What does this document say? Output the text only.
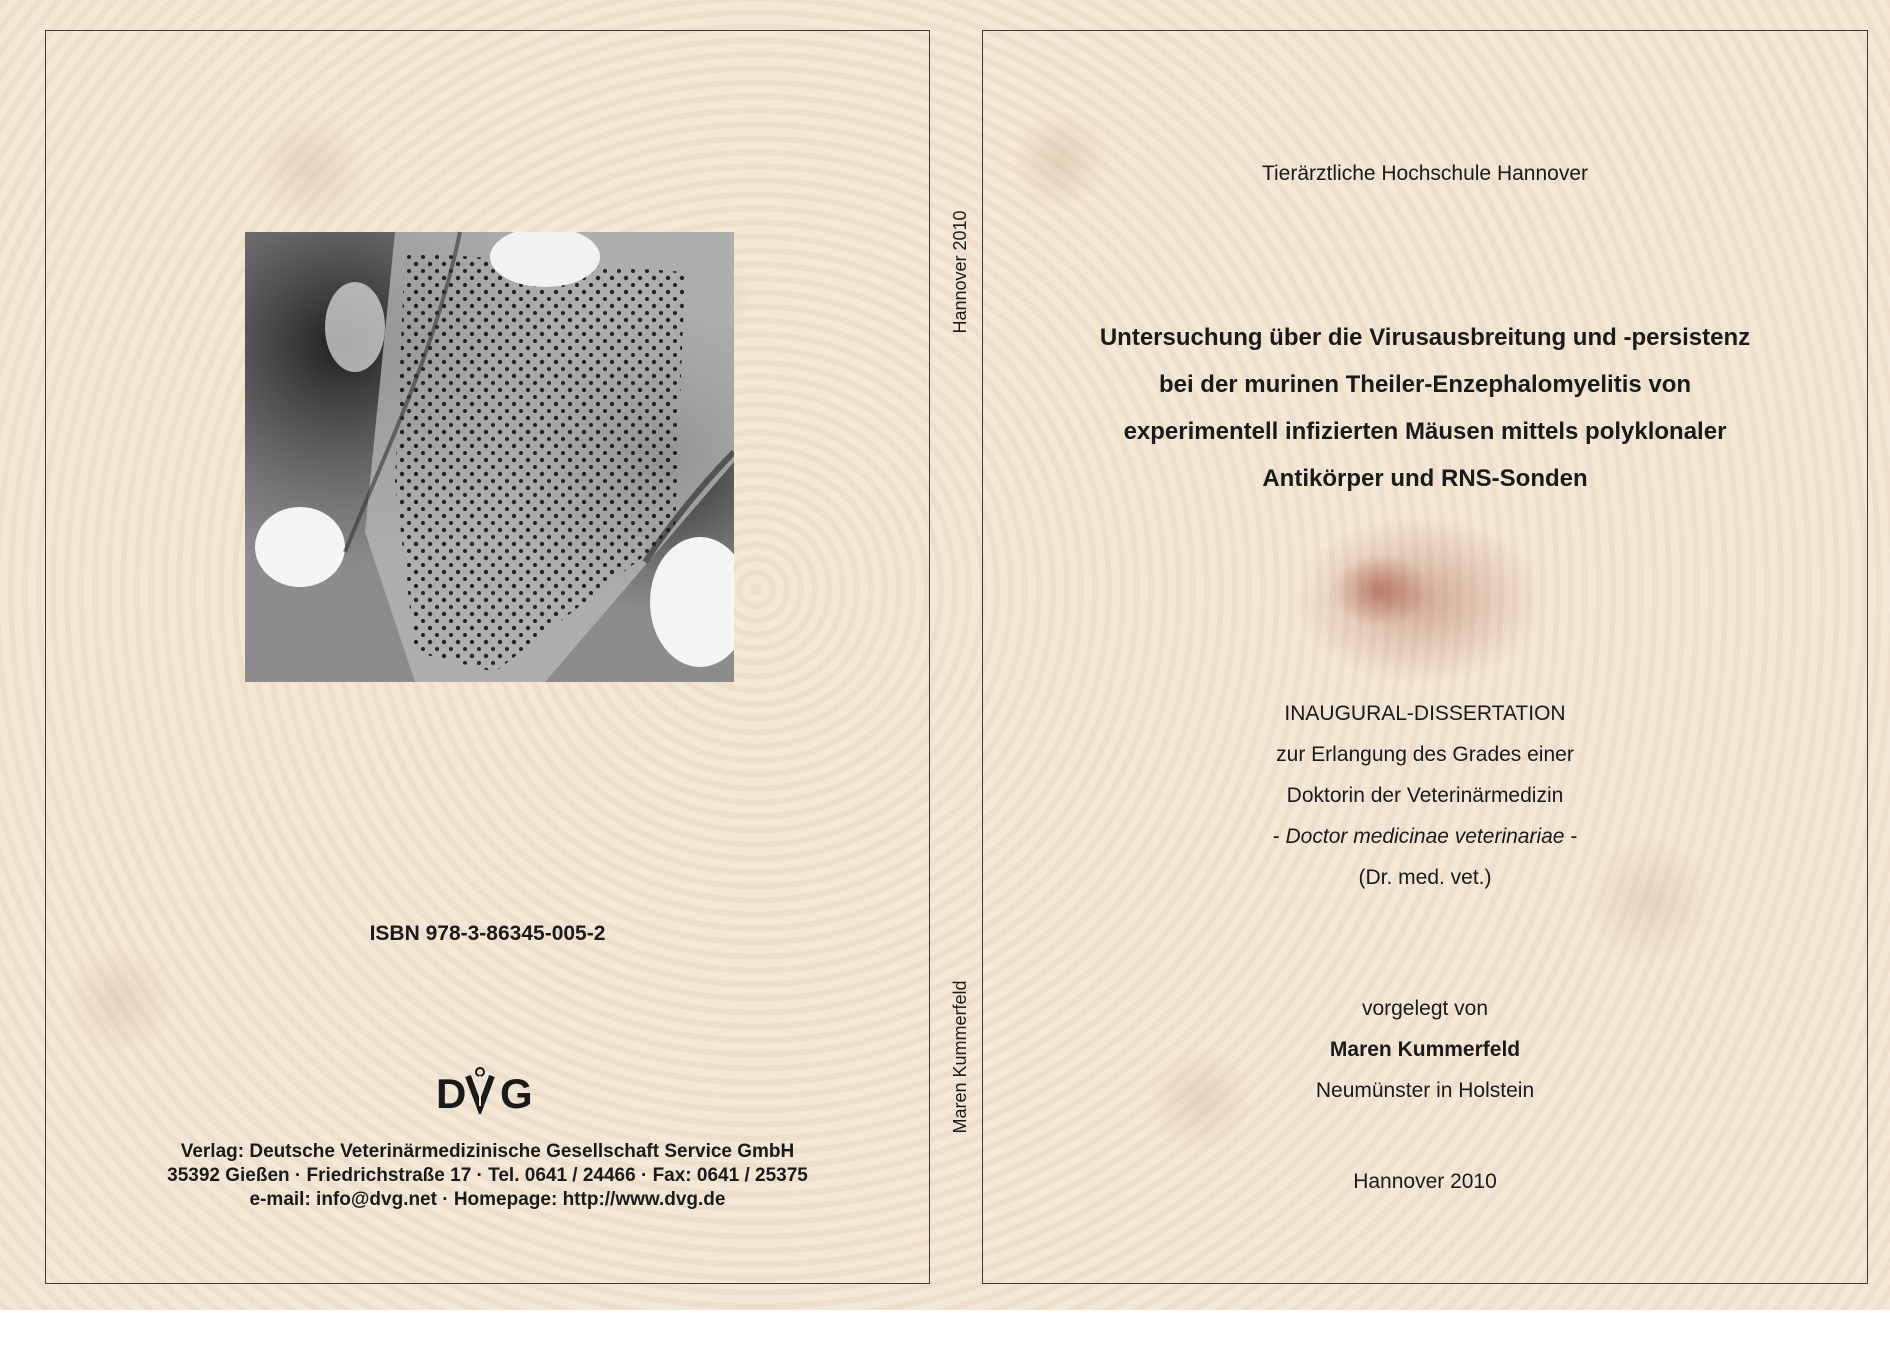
ISBN 978-3-86345-005-2
D G
Verlag: Deutsche Veterinärmedizinische Gesellschaft Service GmbH
35392 Gießen · Friedrichstraße 17 · Tel. 0641 / 24466 · Fax: 0641 / 25375
e-mail: info@dvg.net · Homepage: http://www.dvg.de
Hannover 2010
Maren Kummerfeld
Tierärztliche Hochschule Hannover
Untersuchung über die Virusausbreitung und -persistenz
bei der murinen Theiler-Enzephalomyelitis von
experimentell infizierten Mäusen mittels polyklonaler
Antikörper und RNS-Sonden
INAUGURAL-DISSERTATION
zur Erlangung des Grades einer
Doktorin der Veterinärmedizin
- Doctor medicinae veterinariae -
(Dr. med. vet.)
vorgelegt von
Maren Kummerfeld
Neumünster in Holstein
Hannover 2010
